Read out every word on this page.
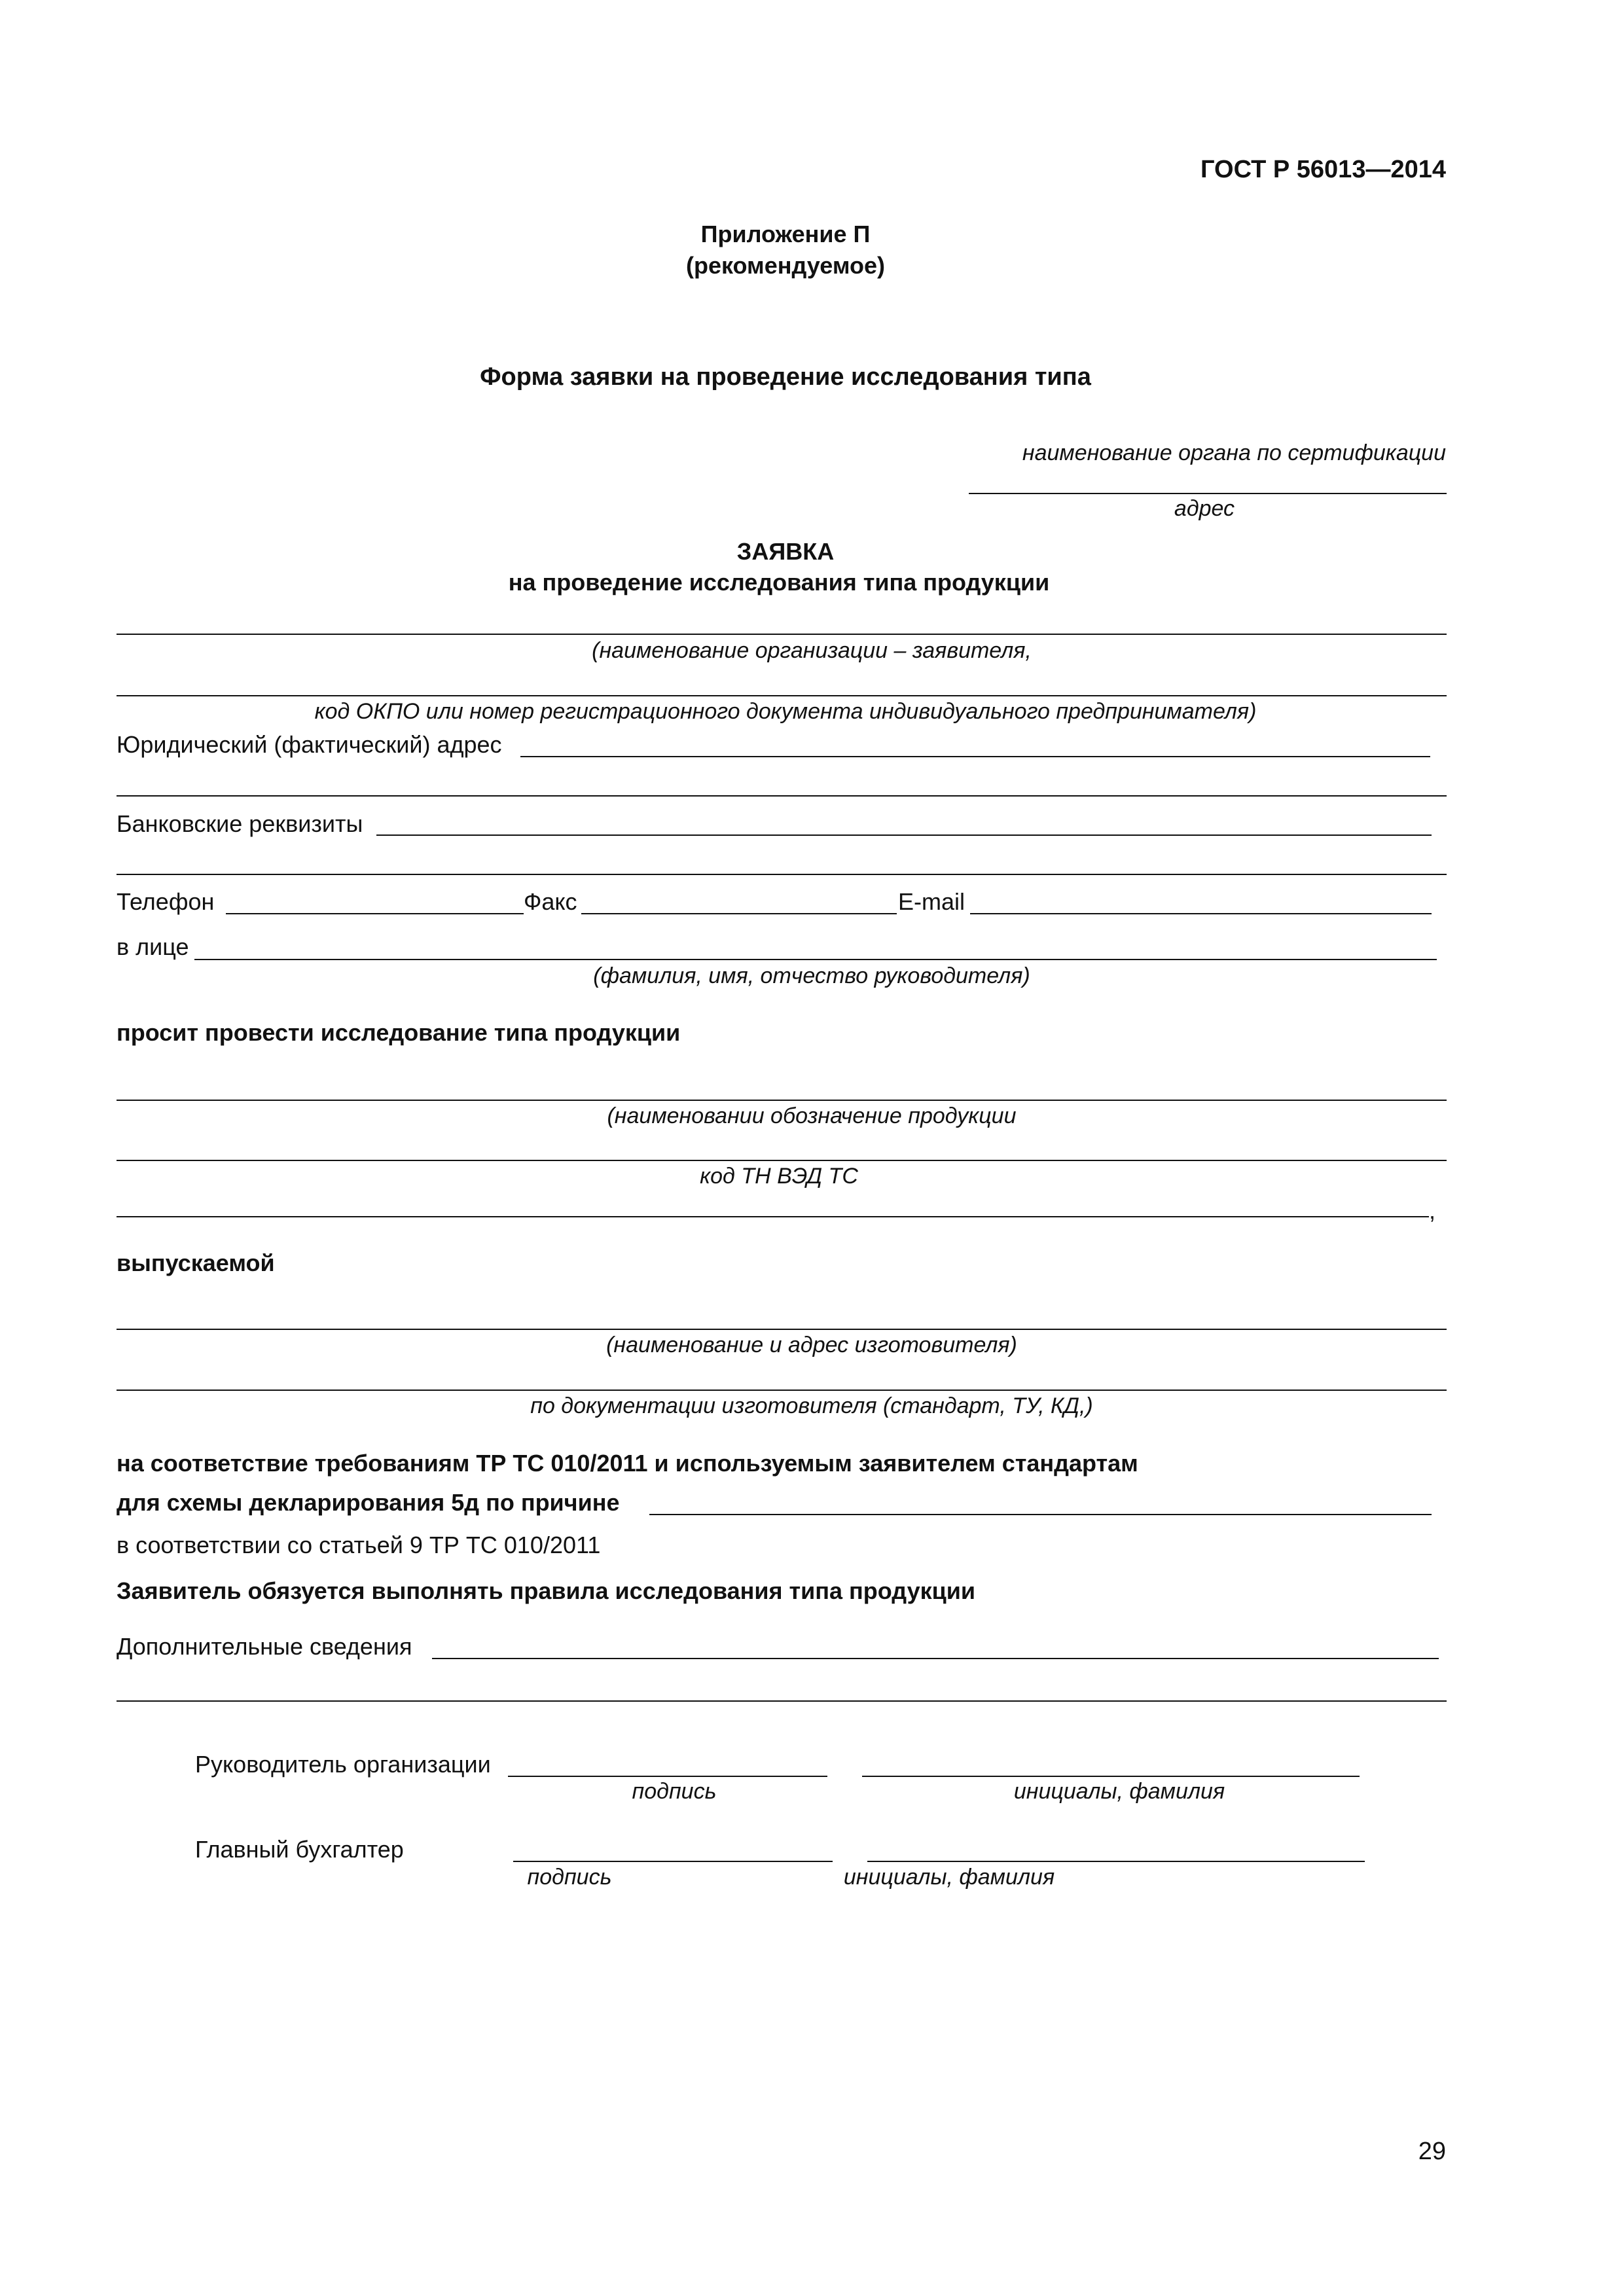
ГОСТ Р 56013—2014
Приложение П
(рекомендуемое)
Форма заявки на проведение исследования типа
наименование органа по сертификации
адрес
ЗАЯВКА
на проведение исследования типа продукции
(наименование организации – заявителя,
код ОКПО или номер регистрационного документа индивидуального предпринимателя)
Юридический (фактический) адрес
Банковские реквизиты
Телефон	Факс	E-mail
в лице
(фамилия, имя, отчество руководителя)
просит провести исследование типа продукции
(наименовании обозначение продукции
код ТН ВЭД ТС
,
выпускаемой
(наименование и адрес изготовителя)
по документации изготовителя (стандарт, ТУ, КД,)
на соответствие требованиям ТР ТС 010/2011 и используемым заявителем стандартам
для схемы декларирования 5д по причине
в соответствии со статьей 9 ТР ТС 010/2011
Заявитель обязуется выполнять правила исследования типа продукции
Дополнительные сведения
Руководитель организации
подпись	инициалы, фамилия
Главный бухгалтер
подпись	инициалы, фамилия
29
